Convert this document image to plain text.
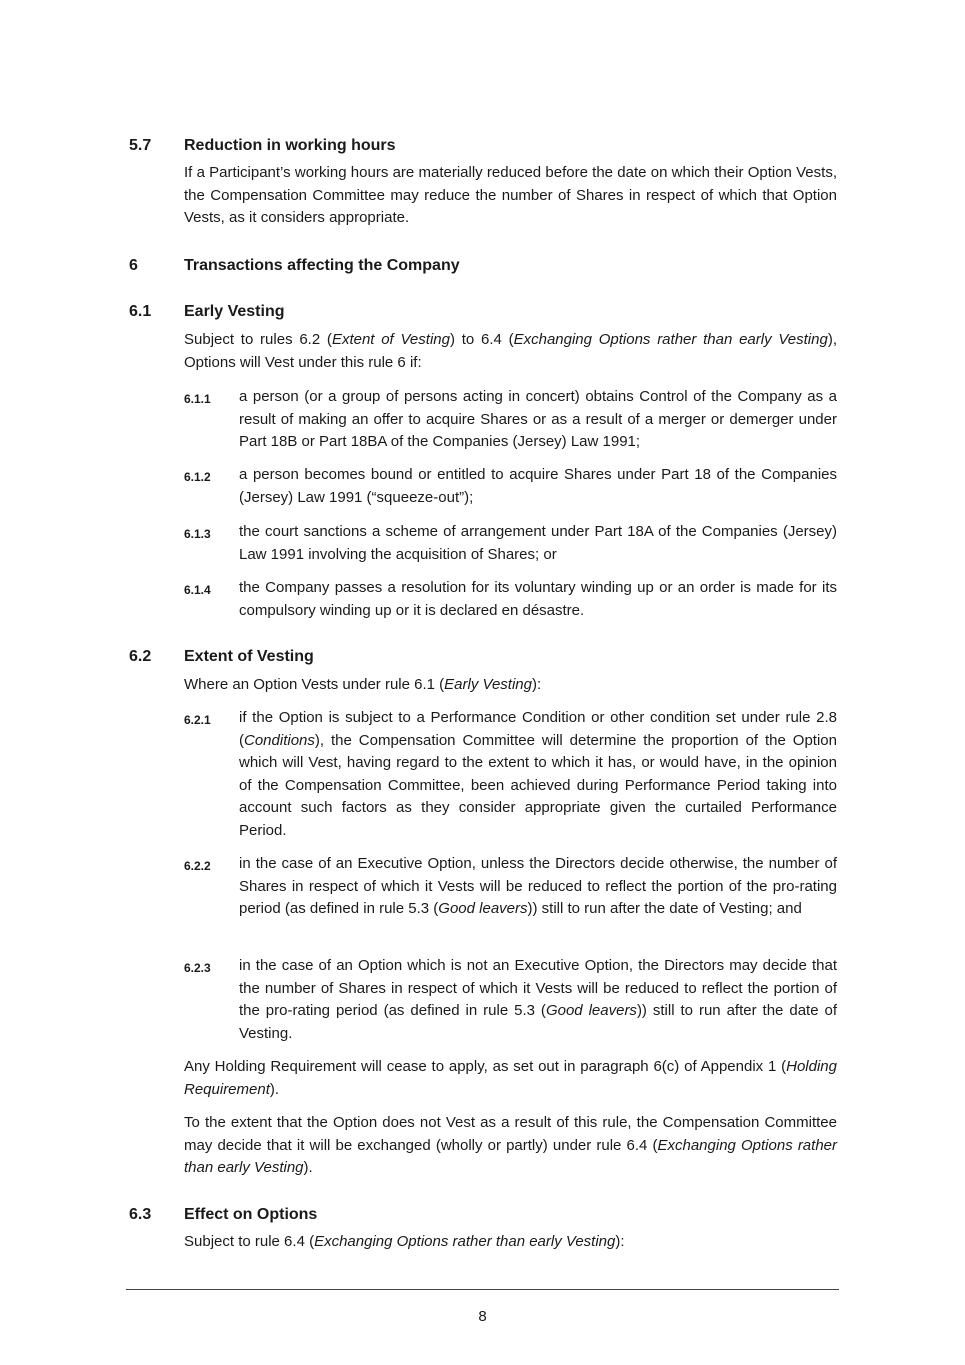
5.7 Reduction in working hours
If a Participant’s working hours are materially reduced before the date on which their Option Vests, the Compensation Committee may reduce the number of Shares in respect of which that Option Vests, as it considers appropriate.
6	Transactions affecting the Company
6.1 Early Vesting
Subject to rules 6.2 (Extent of Vesting) to 6.4 (Exchanging Options rather than early Vesting), Options will Vest under this rule 6 if:
6.1.1 a person (or a group of persons acting in concert) obtains Control of the Company as a result of making an offer to acquire Shares or as a result of a merger or demerger under Part 18B or Part 18BA of the Companies (Jersey) Law 1991;
6.1.2 a person becomes bound or entitled to acquire Shares under Part 18 of the Companies (Jersey) Law 1991 (“squeeze-out”);
6.1.3 the court sanctions a scheme of arrangement under Part 18A of the Companies (Jersey) Law 1991 involving the acquisition of Shares; or
6.1.4 the Company passes a resolution for its voluntary winding up or an order is made for its compulsory winding up or it is declared en désastre.
6.2 Extent of Vesting
Where an Option Vests under rule 6.1 (Early Vesting):
6.2.1 if the Option is subject to a Performance Condition or other condition set under rule 2.8 (Conditions), the Compensation Committee will determine the proportion of the Option which will Vest, having regard to the extent to which it has, or would have, in the opinion of the Compensation Committee, been achieved during Performance Period taking into account such factors as they consider appropriate given the curtailed Performance Period.
6.2.2 in the case of an Executive Option, unless the Directors decide otherwise, the number of Shares in respect of which it Vests will be reduced to reflect the portion of the pro-rating period (as defined in rule 5.3 (Good leavers)) still to run after the date of Vesting; and
6.2.3 in the case of an Option which is not an Executive Option, the Directors may decide that the number of Shares in respect of which it Vests will be reduced to reflect the portion of the pro-rating period (as defined in rule 5.3 (Good leavers)) still to run after the date of Vesting.
Any Holding Requirement will cease to apply, as set out in paragraph 6(c) of Appendix 1 (Holding Requirement).
To the extent that the Option does not Vest as a result of this rule, the Compensation Committee may decide that it will be exchanged (wholly or partly) under rule 6.4 (Exchanging Options rather than early Vesting).
6.3 Effect on Options
Subject to rule 6.4 (Exchanging Options rather than early Vesting):
8
